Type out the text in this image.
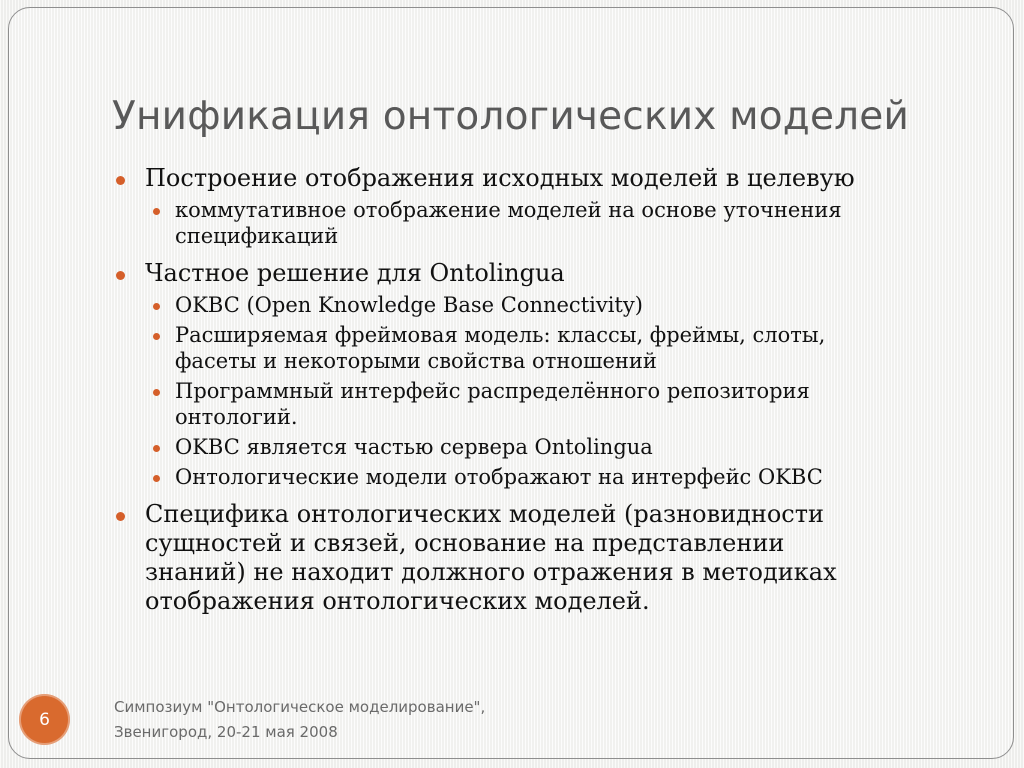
Унификация онтологических моделей
Построение отображения исходных моделей в целевую
коммутативное отображение моделей на основе уточнения
спецификаций
Частное решение для Ontolingua
OKBC (Open Knowledge Base Connectivity)
Расширяемая фреймовая модель: классы, фреймы, слоты,
фасеты и некоторыми свойства отношений
Программный интерфейс распределённого репозитория
онтологий.
OKBC является частью сервера Ontolingua
Онтологические модели отображают на интерфейс OKBC
Специфика онтологических моделей (разновидности
сущностей и связей, основание на представлении
знаний) не находит должного отражения в методиках
отображения онтологических моделей.
6
Симпозиум "Онтологическое моделирование",
Звенигород, 20-21 мая 2008
